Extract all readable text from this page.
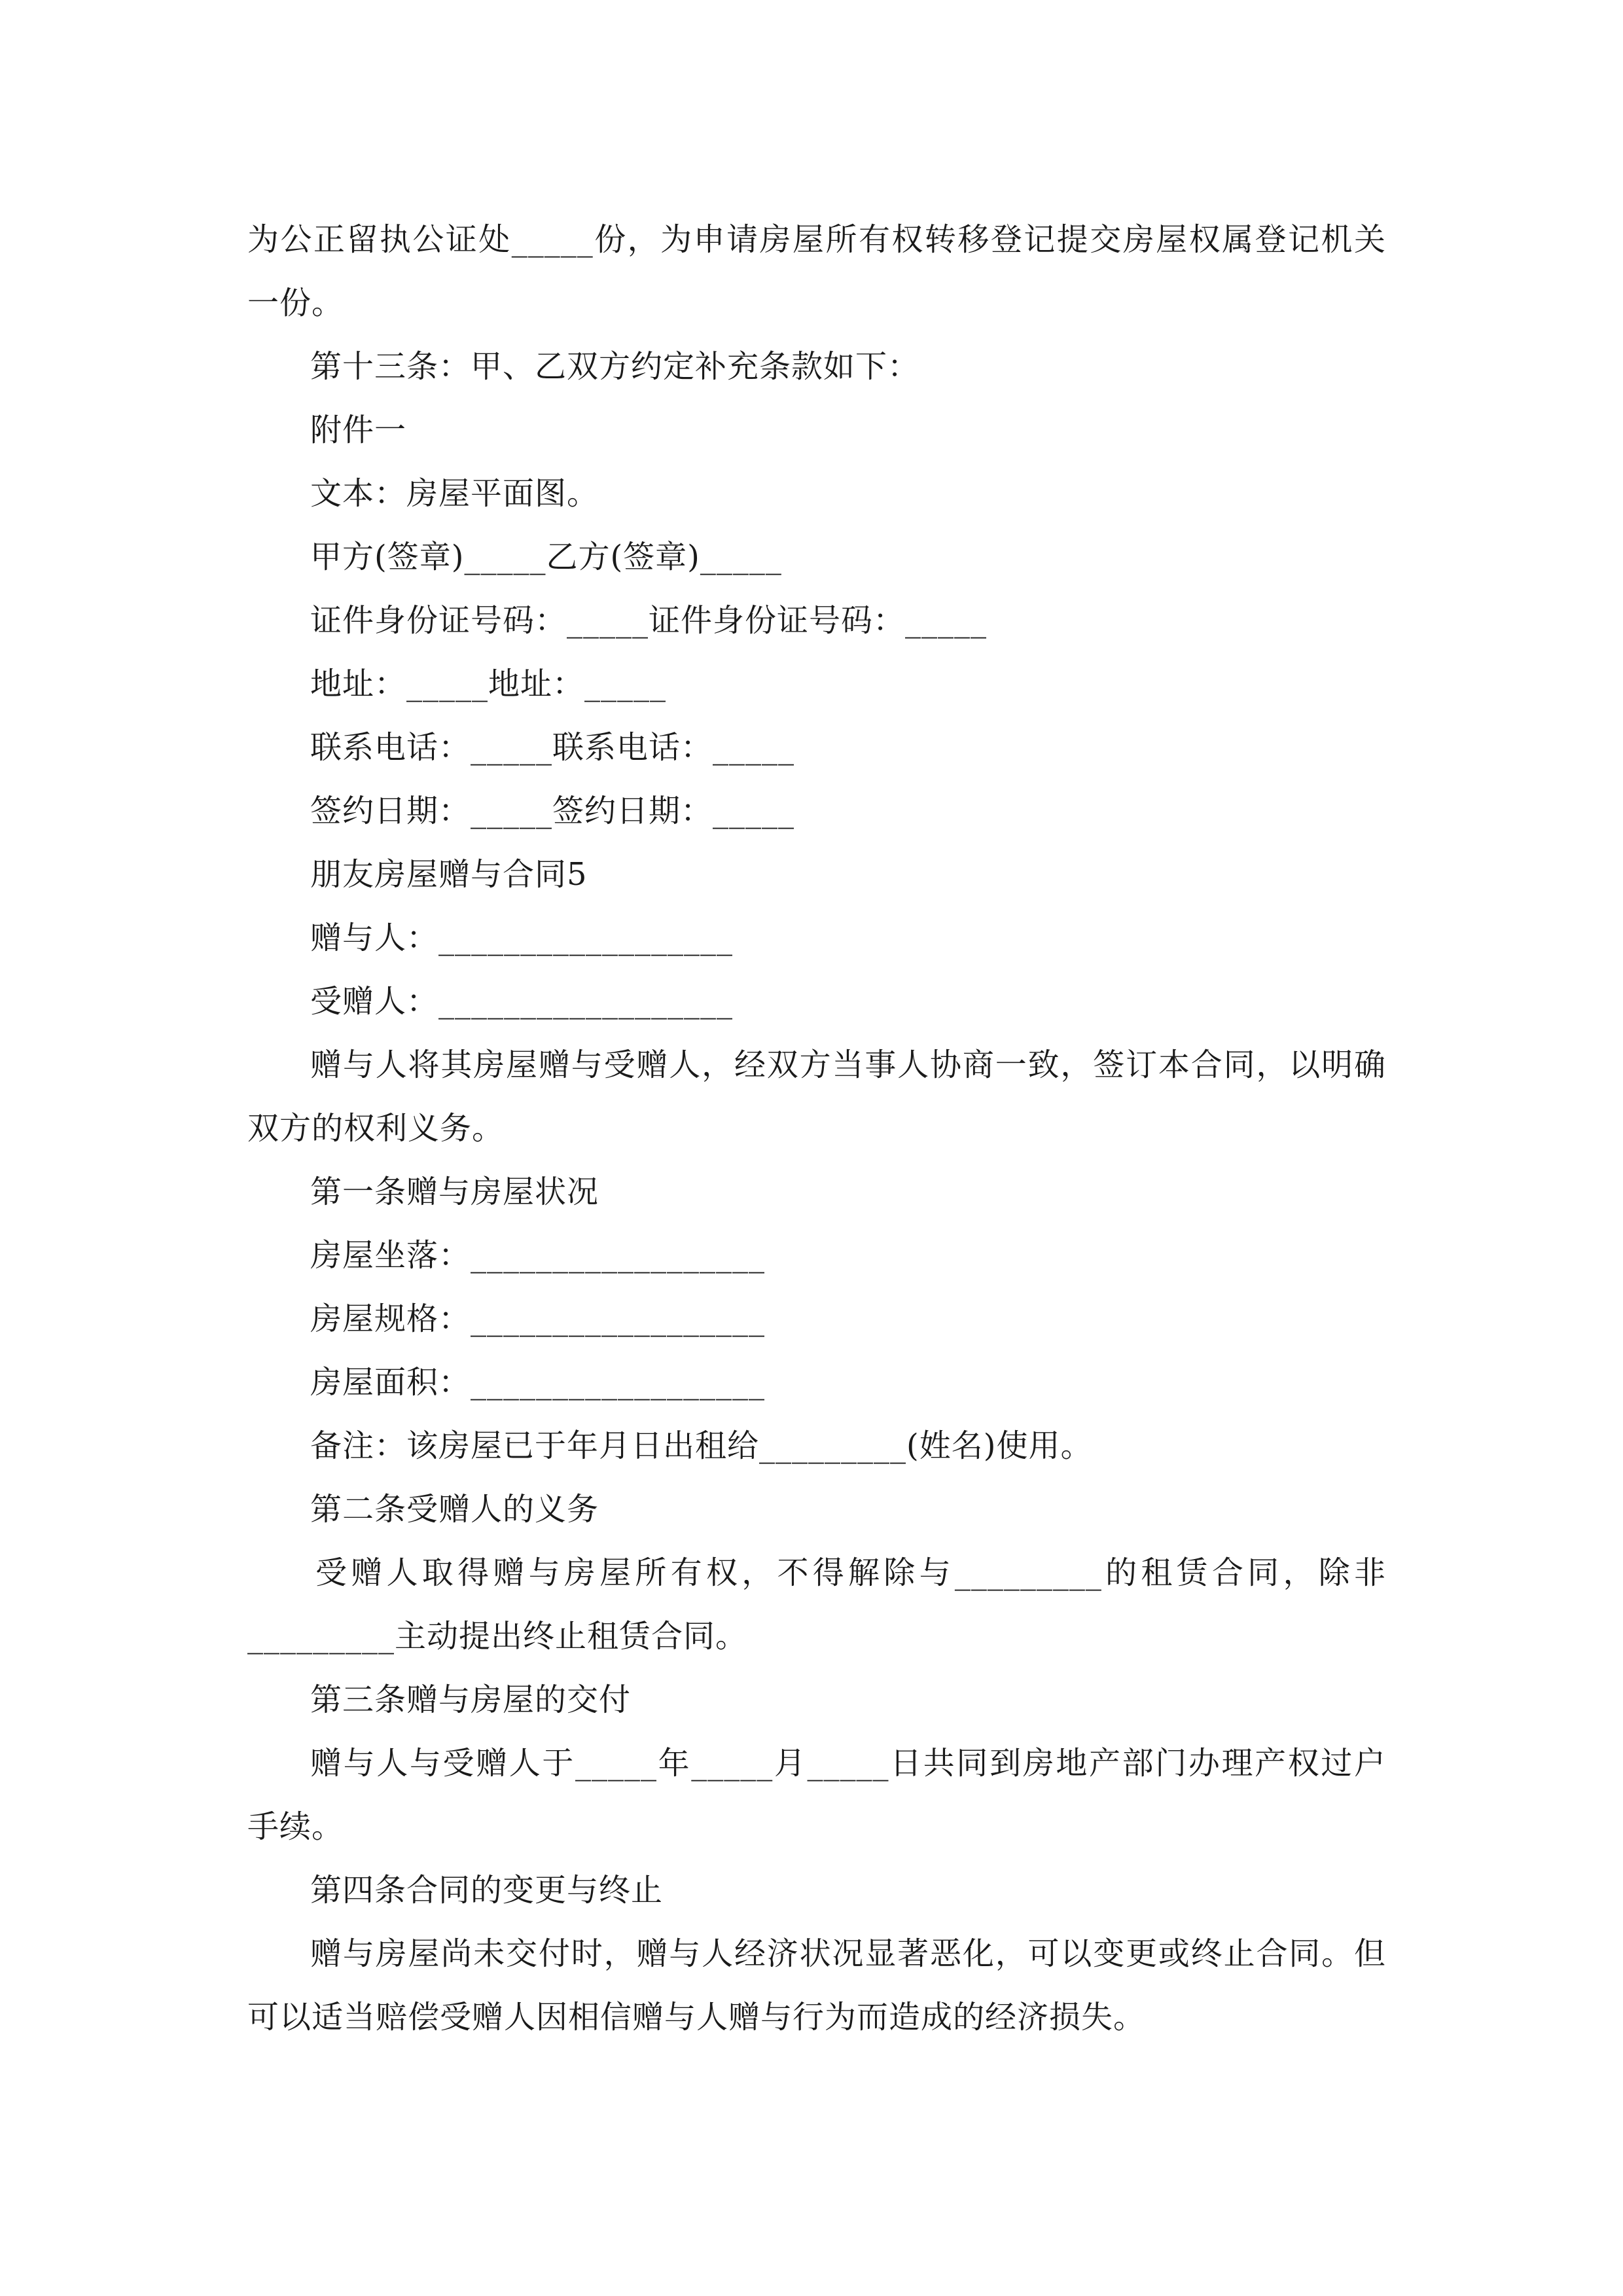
为公正留执公证处_____份，为申请房屋所有权转移登记提交房屋权属登记机关
一份。
第十三条：甲、乙双方约定补充条款如下：
附件一
文本：房屋平面图。
甲方(签章)_____乙方(签章)_____
证件身份证号码：_____证件身份证号码：_____
地址：_____地址：_____
联系电话：_____联系电话：_____
签约日期：_____签约日期：_____
朋友房屋赠与合同5
赠与人：__________________
受赠人：__________________
赠与人将其房屋赠与受赠人，经双方当事人协商一致，签订本合同，以明确
双方的权利义务。
第一条赠与房屋状况
房屋坐落：__________________
房屋规格：__________________
房屋面积：__________________
备注：该房屋已于年月日出租给_________(姓名)使用。
第二条受赠人的义务
受赠人取得赠与房屋所有权，不得解除与_________的租赁合同，除非
_________主动提出终止租赁合同。
第三条赠与房屋的交付
赠与人与受赠人于_____年_____月_____日共同到房地产部门办理产权过户
手续。
第四条合同的变更与终止
赠与房屋尚未交付时，赠与人经济状况显著恶化，可以变更或终止合同。但
可以适当赔偿受赠人因相信赠与人赠与行为而造成的经济损失。
